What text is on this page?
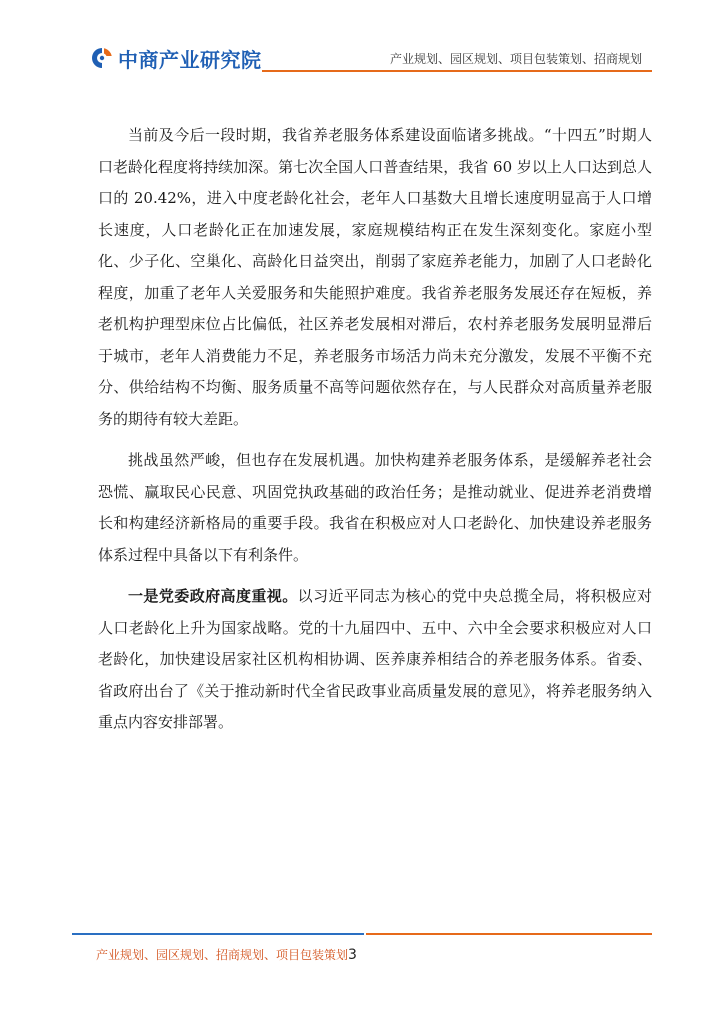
中商产业研究院	产业规划、园区规划、项目包装策划、招商规划

当前及今后一段时期，我省养老服务体系建设面临诸多挑战。“十四五”时期人口老龄化程度将持续加深。第七次全国人口普查结果，我省 60 岁以上人口达到总人口的 20.42%，进入中度老龄化社会，老年人口基数大且增长速度明显高于人口增长速度，人口老龄化正在加速发展，家庭规模结构正在发生深刻变化。家庭小型化、少子化、空巢化、高龄化日益突出，削弱了家庭养老能力，加剧了人口老龄化程度，加重了老年人关爱服务和失能照护难度。我省养老服务发展还存在短板，养老机构护理型床位占比偏低，社区养老发展相对滞后，农村养老服务发展明显滞后于城市，老年人消费能力不足，养老服务市场活力尚未充分激发，发展不平衡不充分、供给结构不均衡、服务质量不高等问题依然存在，与人民群众对高质量养老服务的期待有较大差距。

挑战虽然严峻，但也存在发展机遇。加快构建养老服务体系，是缓解养老社会恐慌、赢取民心民意、巩固党执政基础的政治任务；是推动就业、促进养老消费增长和构建经济新格局的重要手段。我省在积极应对人口老龄化、加快建设养老服务体系过程中具备以下有利条件。

一是党委政府高度重视。以习近平同志为核心的党中央总揽全局，将积极应对人口老龄化上升为国家战略。党的十九届四中、五中、六中全会要求积极应对人口老龄化，加快建设居家社区机构相协调、医养康养相结合的养老服务体系。省委、省政府出台了《关于推动新时代全省民政事业高质量发展的意见》，将养老服务纳入重点内容安排部署。

产业规划、园区规划、招商规划、项目包装策划3
